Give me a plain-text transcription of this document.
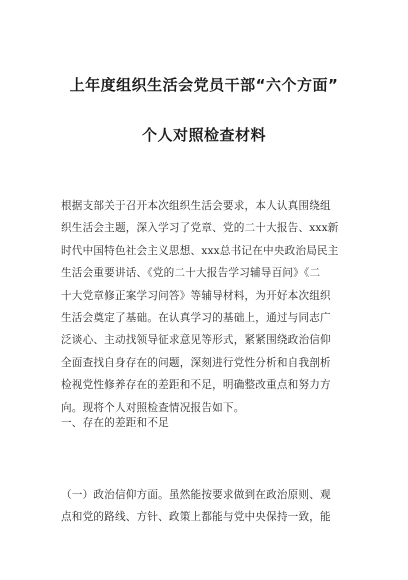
上年度组织生活会党员干部“六个方面”
个人对照检查材料
根据支部关于召开本次组织生活会要求，本人认真围绕组
织生活会主题，深入学习了党章、党的二十大报告、xxx新
时代中国特色社会主义思想、xxx总书记在中央政治局民主
生活会重要讲话、《党的二十大报告学习辅导百问》《二
十大党章修正案学习问答》等辅导材料，为开好本次组织
生活会奠定了基础。在认真学习的基础上，通过与同志广
泛谈心、主动找领导征求意见等形式，紧紧围绕政治信仰
全面查找自身存在的问题，深刻进行党性分析和自我剖析
检视党性修养存在的差距和不足，明确整改重点和努力方
向。现将个人对照检查情况报告如下。
一、存在的差距和不足
（一）政治信仰方面。虽然能按要求做到在政治原则、观
点和党的路线、方针、政策上都能与党中央保持一致，能
